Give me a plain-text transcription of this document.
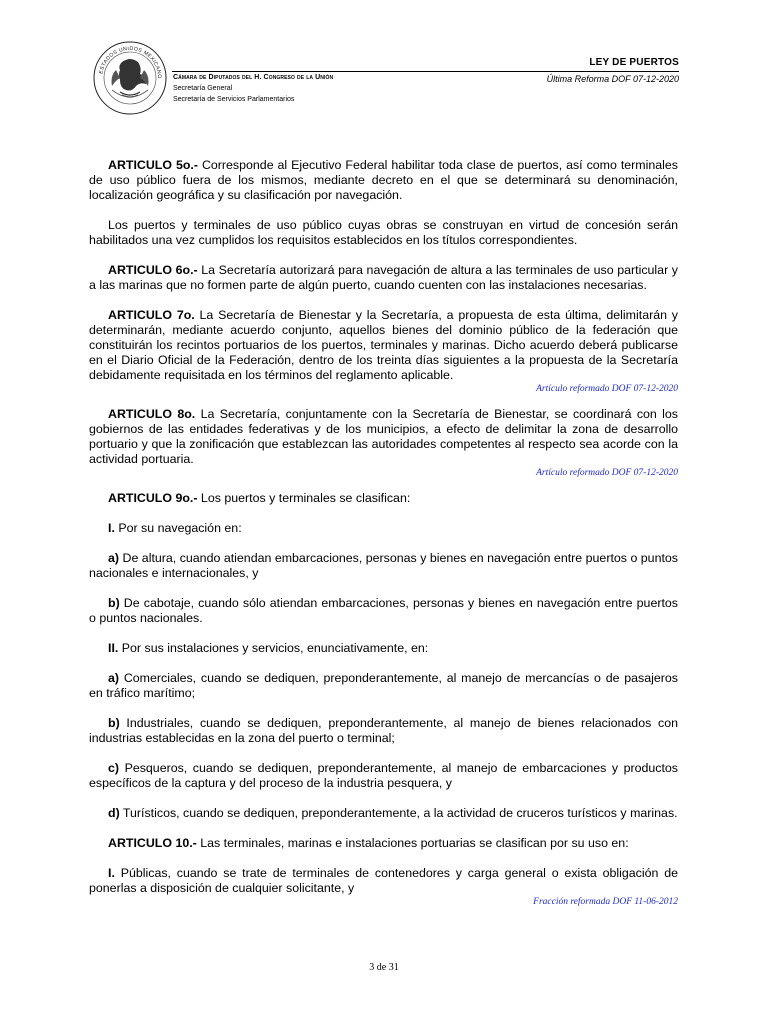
ESTADOS UNIDOS MEXICANO
LEY DE PUERTOS
Última Reforma DOF 07-12-2020
Cámara de Diputados del H. Congreso de la Unión
Secretaría General
Secretaría de Servicios Parlamentarios

ARTICULO 5o.- Corresponde al Ejecutivo Federal habilitar toda clase de puertos, así como terminales de uso público fuera de los mismos, mediante decreto en el que se determinará su denominación, localización geográfica y su clasificación por navegación.

Los puertos y terminales de uso público cuyas obras se construyan en virtud de concesión serán habilitados una vez cumplidos los requisitos establecidos en los títulos correspondientes.

ARTICULO 6o.- La Secretaría autorizará para navegación de altura a las terminales de uso particular y a las marinas que no formen parte de algún puerto, cuando cuenten con las instalaciones necesarias.

ARTICULO 7o. La Secretaría de Bienestar y la Secretaría, a propuesta de esta última, delimitarán y determinarán, mediante acuerdo conjunto, aquellos bienes del dominio público de la federación que constituirán los recintos portuarios de los puertos, terminales y marinas. Dicho acuerdo deberá publicarse en el Diario Oficial de la Federación, dentro de los treinta días siguientes a la propuesta de la Secretaría debidamente requisitada en los términos del reglamento aplicable.

Artículo reformado DOF 07-12-2020

ARTICULO 8o. La Secretaría, conjuntamente con la Secretaría de Bienestar, se coordinará con los gobiernos de las entidades federativas y de los municipios, a efecto de delimitar la zona de desarrollo portuario y que la zonificación que establezcan las autoridades competentes al respecto sea acorde con la actividad portuaria.

Artículo reformado DOF 07-12-2020

ARTICULO 9o.- Los puertos y terminales se clasifican:

I. Por su navegación en:

a) De altura, cuando atiendan embarcaciones, personas y bienes en navegación entre puertos o puntos nacionales e internacionales, y

b) De cabotaje, cuando sólo atiendan embarcaciones, personas y bienes en navegación entre puertos o puntos nacionales.

II. Por sus instalaciones y servicios, enunciativamente, en:

a) Comerciales, cuando se dediquen, preponderantemente, al manejo de mercancías o de pasajeros en tráfico marítimo;

b) Industriales, cuando se dediquen, preponderantemente, al manejo de bienes relacionados con industrias establecidas en la zona del puerto o terminal;

c) Pesqueros, cuando se dediquen, preponderantemente, al manejo de embarcaciones y productos específicos de la captura y del proceso de la industria pesquera, y

d) Turísticos, cuando se dediquen, preponderantemente, a la actividad de cruceros turísticos y marinas.

ARTICULO 10.- Las terminales, marinas e instalaciones portuarias se clasifican por su uso en:

I. Públicas, cuando se trate de terminales de contenedores y carga general o exista obligación de ponerlas a disposición de cualquier solicitante, y

Fracción reformada DOF 11-06-2012
3 de 31
